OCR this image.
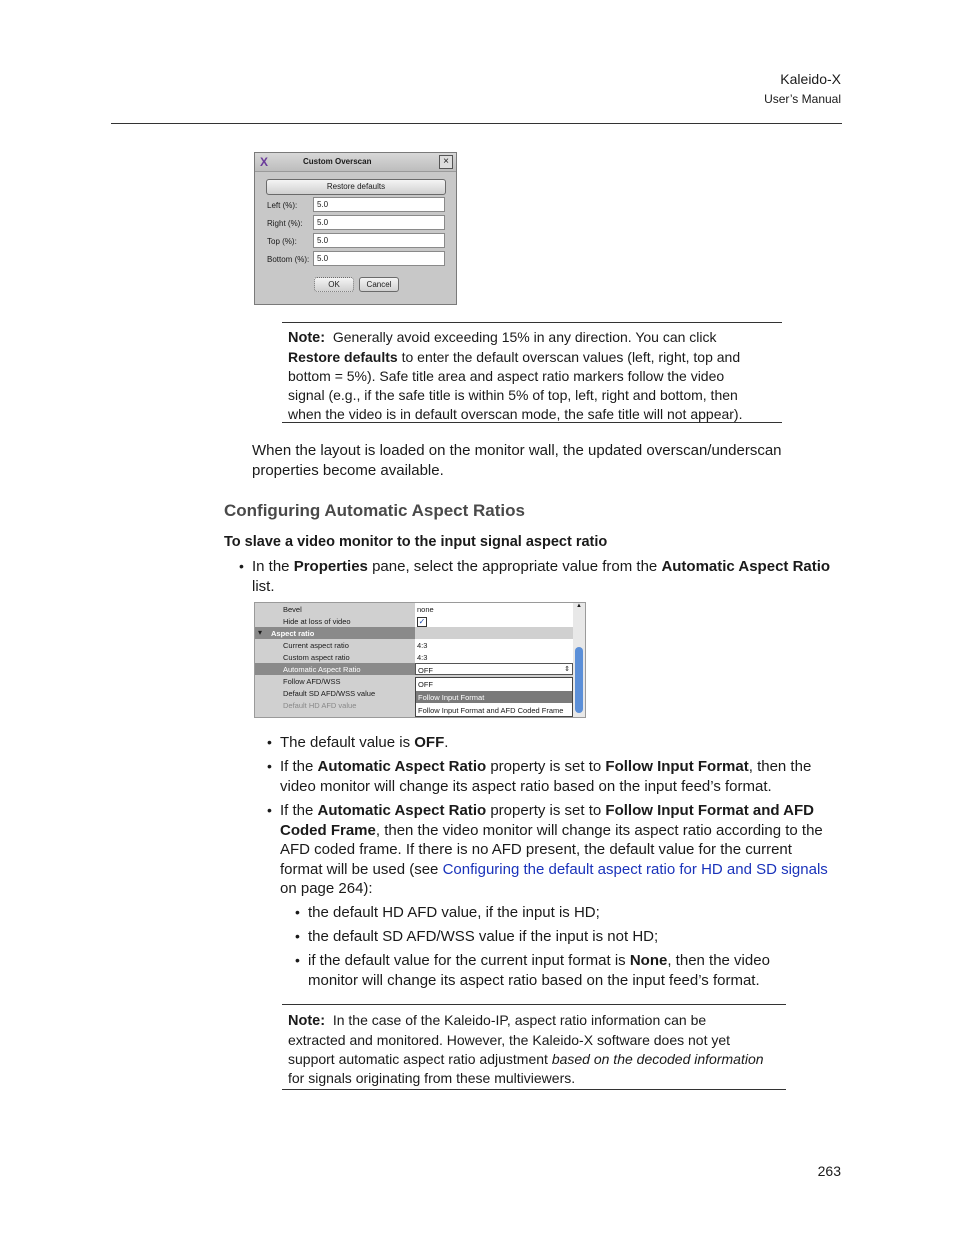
Kaleido-X
User’s Manual
X	Custom Overscan	×
Restore defaults
Left (%):	5.0
Right (%):	5.0
Top (%):	5.0
Bottom (%): 5.0
OK	Cancel
Note: Generally avoid exceeding 15% in any direction. You can click
Restore defaults to enter the default overscan values (left, right, top and
bottom = 5%). Safe title area and aspect ratio markers follow the video
signal (e.g., if the safe title is within 5% of top, left, right and bottom, then
when the video is in default overscan mode, the safe title will not appear).
When the layout is loaded on the monitor wall, the updated overscan/underscan
properties become available.
Configuring Automatic Aspect Ratios
To slave a video monitor to the input signal aspect ratio
• In the Properties pane, select the appropriate value from the Automatic Aspect Ratio
list.
Bevel	none
Hide at loss of video	✓
▾ Aspect ratio
Current aspect ratio	4:3
Custom aspect ratio	4:3
Automatic Aspect Ratio	OFF	⇕
Follow AFD/WSS
Default SD AFD/WSS value
Default HD AFD value
OFF
Follow Input Format
Follow Input Format and AFD Coded Frame
▲
• The default value is OFF.
• If the Automatic Aspect Ratio property is set to Follow Input Format, then the
video monitor will change its aspect ratio based on the input feed’s format.
• If the Automatic Aspect Ratio property is set to Follow Input Format and AFD
Coded Frame, then the video monitor will change its aspect ratio according to the
AFD coded frame. If there is no AFD present, the default value for the current
format will be used (see Configuring the default aspect ratio for HD and SD signals
on page 264):
• the default HD AFD value, if the input is HD;
• the default SD AFD/WSS value if the input is not HD;
• if the default value for the current input format is None, then the video
monitor will change its aspect ratio based on the input feed’s format.
Note: In the case of the Kaleido-IP, aspect ratio information can be
extracted and monitored. However, the Kaleido-X software does not yet
support automatic aspect ratio adjustment based on the decoded information
for signals originating from these multiviewers.
263
